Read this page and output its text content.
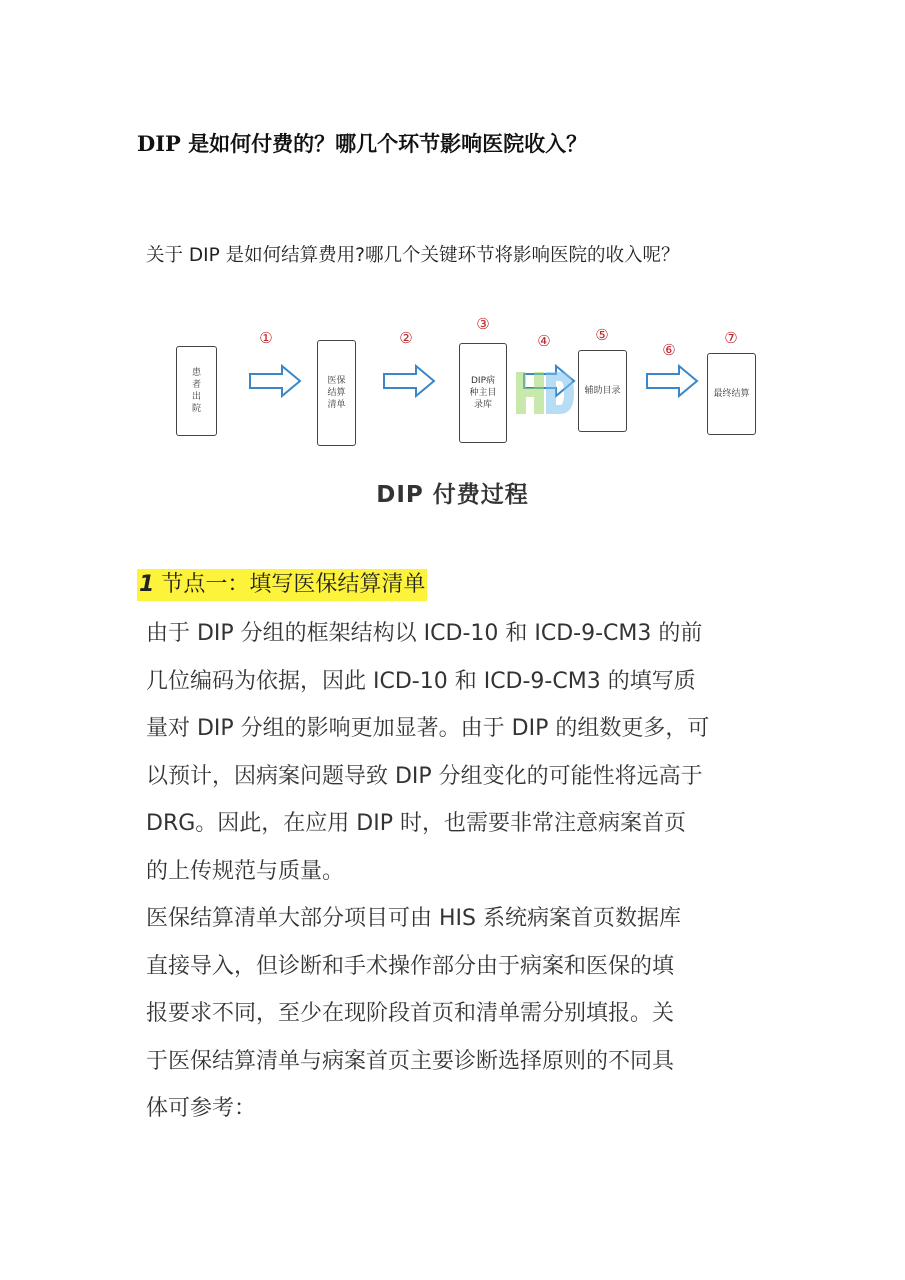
DIP 是如何付费的？哪几个环节影响医院收入？
关于 DIP 是如何结算费用?哪几个关键环节将影响医院的收入呢？
①	②
③
④	⑤
⑥
⑦
患者出院
医保结算清单
DIP病种主目录库
辅助目录	最终结算
DIP 付费过程
1 节点一：填写医保结算清单
由于 DIP 分组的框架结构以 ICD-10 和 ICD-9-CM3 的前
几位编码为依据，因此 ICD-10 和 ICD-9-CM3 的填写质
量对 DIP 分组的影响更加显著。由于 DIP 的组数更多，可
以预计，因病案问题导致 DIP 分组变化的可能性将远高于
DRG。因此，在应用 DIP 时，也需要非常注意病案首页
的上传规范与质量。
医保结算清单大部分项目可由 HIS 系统病案首页数据库
直接导入，但诊断和手术操作部分由于病案和医保的填
报要求不同，至少在现阶段首页和清单需分别填报。关
于医保结算清单与病案首页主要诊断选择原则的不同具
体可参考：
